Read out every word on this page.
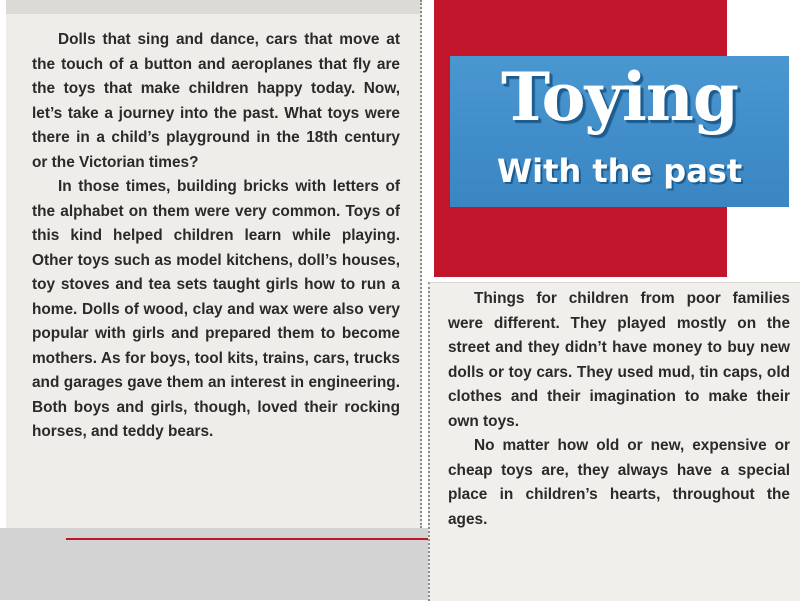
Dolls that sing and dance, cars that move at the touch of a button and aeroplanes that fly are the toys that make children happy today. Now, let’s take a journey into the past. What toys were there in a child’s playground in the 18th century or the Victorian times?

In those times, building bricks with letters of the alphabet on them were very common. Toys of this kind helped children learn while playing. Other toys such as model kitchens, doll’s houses, toy stoves and tea sets taught girls how to run a home. Dolls of wood, clay and wax were also very popular with girls and prepared them to become mothers. As for boys, tool kits, trains, cars, trucks and garages gave them an interest in engineering. Both boys and girls, though, loved their rocking horses, and teddy bears.

Toying
With the past

Things for children from poor families were different. They played mostly on the street and they didn’t have money to buy new dolls or toy cars. They used mud, tin caps, old clothes and their imagination to make their own toys.

No matter how old or new, expensive or cheap toys are, they always have a special place in children’s hearts, throughout the ages.
